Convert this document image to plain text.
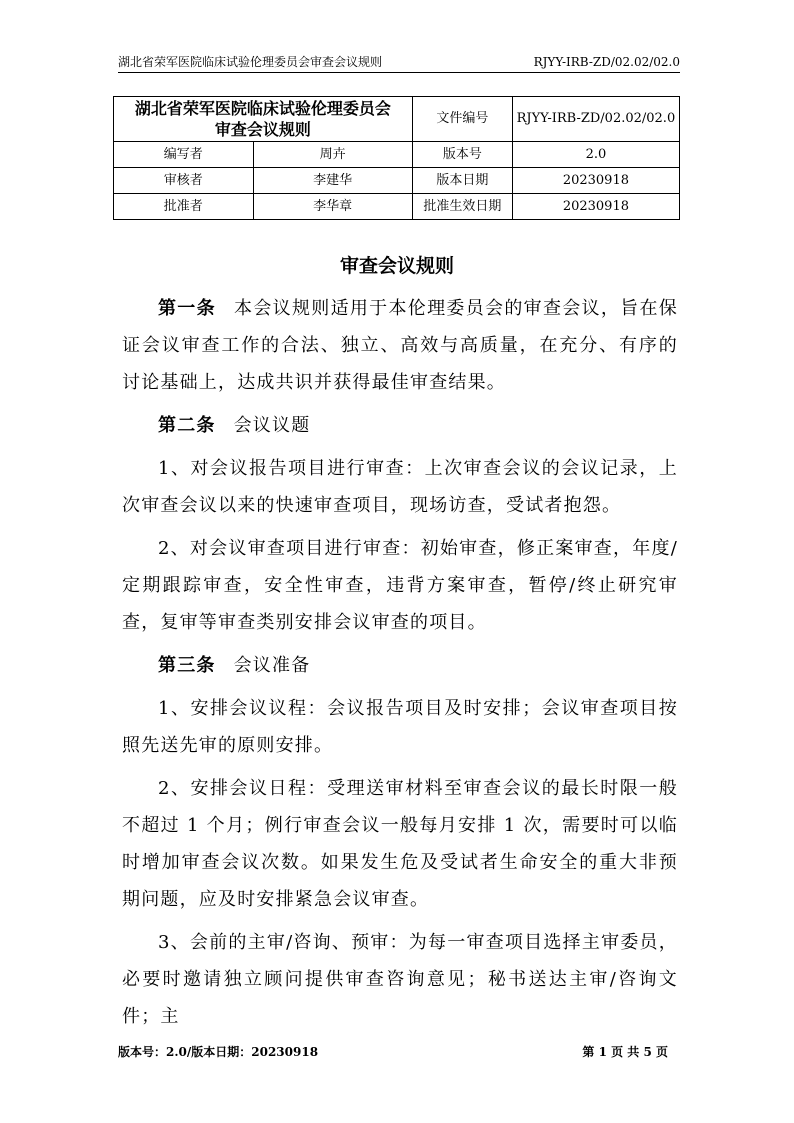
湖北省荣军医院临床试验伦理委员会审查会议规则	RJYY-IRB-ZD/02.02/02.0
湖北省荣军医院临床试验伦理委员会
审查会议规则		文件编号	RJYY-IRB-ZD/02.02/02.0
编写者	周卉	版本号	2.0
审核者	李建华	版本日期	20230918
批准者	李华章	批准生效日期	20230918
审查会议规则

第一条 本会议规则适用于本伦理委员会的审查会议，旨在保证会议审查工作的合法、独立、高效与高质量，在充分、有序的讨论基础上，达成共识并获得最佳审查结果。

第二条 会议议题

1、对会议报告项目进行审查：上次审查会议的会议记录，上次审查会议以来的快速审查项目，现场访查，受试者抱怨。

2、对会议审查项目进行审查：初始审查，修正案审查，年度/定期跟踪审查，安全性审查，违背方案审查，暂停/终止研究审查，复审等审查类别安排会议审查的项目。

第三条 会议准备

1、安排会议议程：会议报告项目及时安排；会议审查项目按照先送先审的原则安排。

2、安排会议日程：受理送审材料至审查会议的最长时限一般不超过 1 个月；例行审查会议一般每月安排 1 次，需要时可以临时增加审查会议次数。如果发生危及受试者生命安全的重大非预期问题，应及时安排紧急会议审查。

3、会前的主审/咨询、预审：为每一审查项目选择主审委员，必要时邀请独立顾问提供审查咨询意见；秘书送达主审/咨询文件；主

版本号：2.0/版本日期：20230918	第 1 页 共 5 页
